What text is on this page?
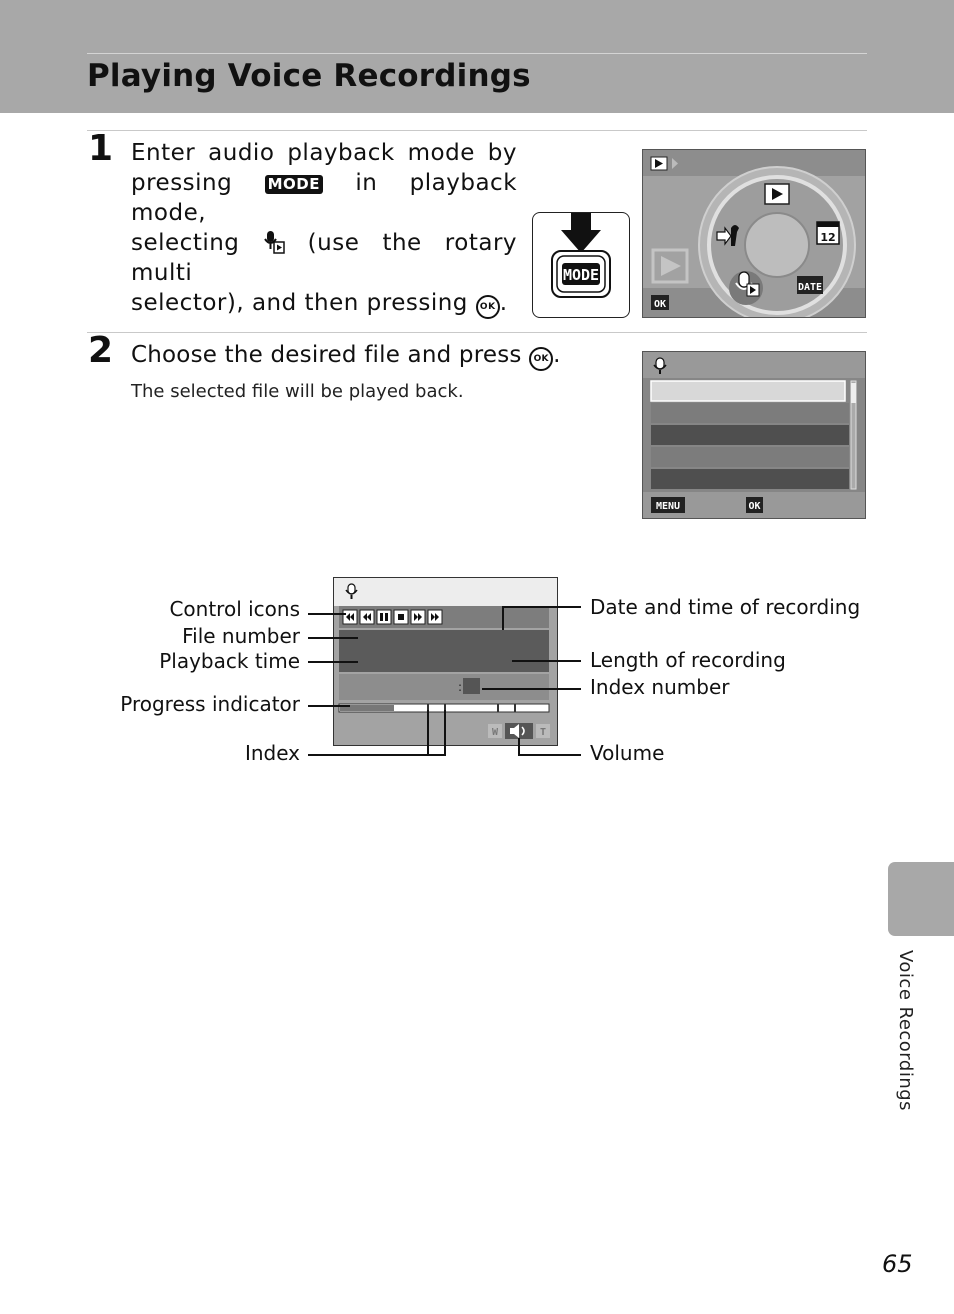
Playing Voice Recordings
1 Enter audio playback mode by
pressing MODE in playback mode,
selecting	(use the rotary multi
selector), and then pressing OK .
MODE
12
DATE
OK
2 Choose the desired file and press OK .
The selected file will be played back.
MENU	OK
:
W	T
Control icons
File number
Playback time
Progress indicator
Index
Date and time of recording
Length of recording
Index number
Volume
Voice Recordings
65
